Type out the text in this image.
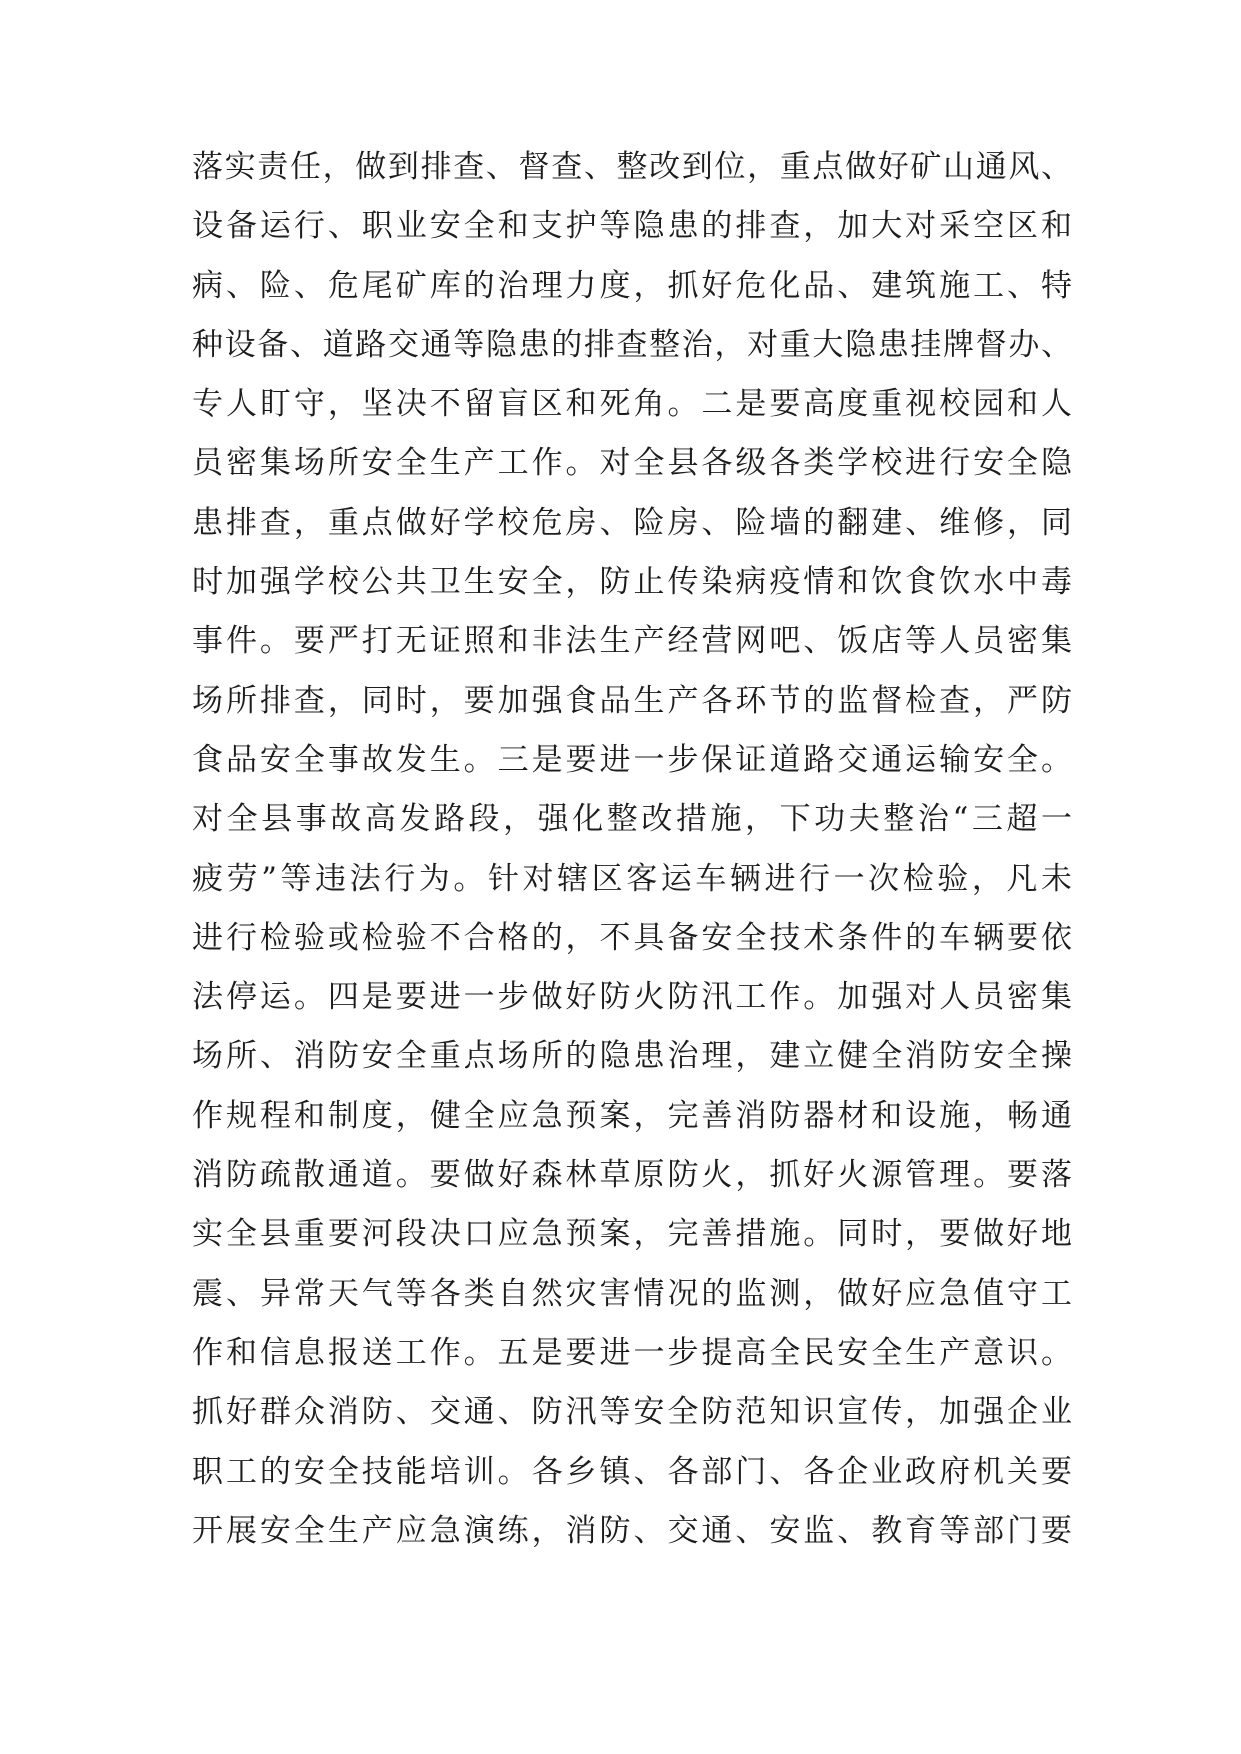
落实责任，做到排查、督查、整改到位，重点做好矿山通风、
设备运行、职业安全和支护等隐患的排查，加大对采空区和
病、险、危尾矿库的治理力度，抓好危化品、建筑施工、特
种设备、道路交通等隐患的排查整治，对重大隐患挂牌督办、
专人盯守，坚决不留盲区和死角。二是要高度重视校园和人
员密集场所安全生产工作。对全县各级各类学校进行安全隐
患排查，重点做好学校危房、险房、险墙的翻建、维修，同
时加强学校公共卫生安全，防止传染病疫情和饮食饮水中毒
事件。要严打无证照和非法生产经营网吧、饭店等人员密集
场所排查，同时，要加强食品生产各环节的监督检查，严防
食品安全事故发生。三是要进一步保证道路交通运输安全。
对全县事故高发路段，强化整改措施，下功夫整治“三超一
疲劳”等违法行为。针对辖区客运车辆进行一次检验，凡未
进行检验或检验不合格的，不具备安全技术条件的车辆要依
法停运。四是要进一步做好防火防汛工作。加强对人员密集
场所、消防安全重点场所的隐患治理，建立健全消防安全操
作规程和制度，健全应急预案，完善消防器材和设施，畅通
消防疏散通道。要做好森林草原防火，抓好火源管理。要落
实全县重要河段决口应急预案，完善措施。同时，要做好地
震、异常天气等各类自然灾害情况的监测，做好应急值守工
作和信息报送工作。五是要进一步提高全民安全生产意识。
抓好群众消防、交通、防汛等安全防范知识宣传，加强企业
职工的安全技能培训。各乡镇、各部门、各企业政府机关要
开展安全生产应急演练，消防、交通、安监、教育等部门要
